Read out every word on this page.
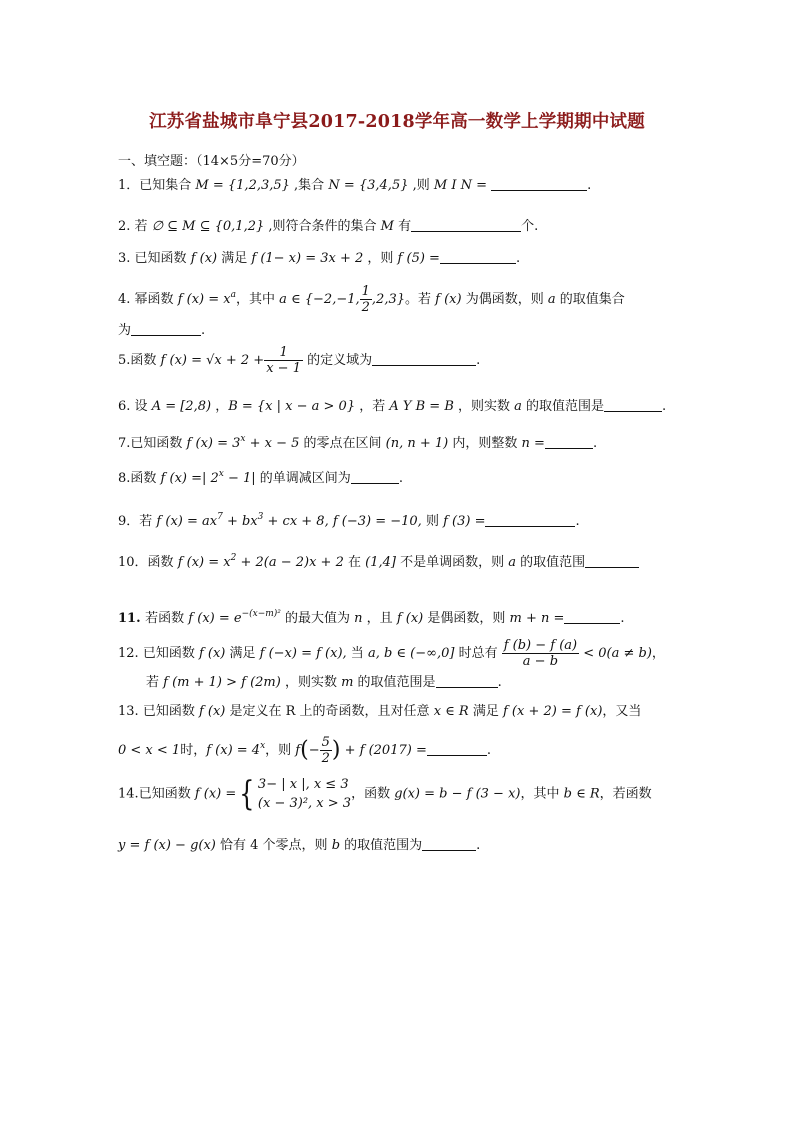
江苏省盐城市阜宁县2017-2018学年高一数学上学期期中试题
一、填空题：（14×5分=70分）
1．已知集合 M = {1,2,3,5} ,集合 N = {3,4,5} ,则 M I N =	.
2. 若 ∅ ⊆ M ⊆ {0,1,2} ,则符合条件的集合 M 有	个.
3. 已知函数 f (x) 满足 f (1− x) = 3x + 2 ，则 f (5) =	.
4. 幂函数 f $(x) = x^a$，其中 a ∈ {−2,−1, $\frac{1}{2} ,2,3$}。若 f (x) 为偶函数，则 a 的取值集合
为	.
5.函数 f $(x) = √x + 2 + \frac{1}{x - 1}$ 的定义域为	.
6. 设 A = [2,8) ，B = {x | x − a > 0} ，若 A Y B = B ，则实数 a 的取值范围是	.
7.已知函数 f $(x) = 3^x + x - 5$ 的零点在区间 (n, n + 1) 内，则整数 n =	.
8.函数 f (x) =| $2^x - 1|$ 的单调减区间为	.
9．若 f $(x) = ax^7 + bx^3$ + cx + 8, f (−3) = −10, 则 f (3) =	.
10．函数 f $(x) = x^2 + 2(a - 2)x + 2$ 在 (1,4] 不是单调函数，则 a 的取值范围
11. 若函数 f $(x) = e^{-(x-m)^2}$ 的最大值为 n ，且 f (x) 是偶函数，则 m + n =	.
12. 已知函数 f (x) 满足 f (−x) = f (x), 当 a, b ∈ (−∞,0] 时总有 $\frac{f (b) - f (a)}{a - b} < 0(a \ne b)$，
若 f (m + 1) > f (2m) ，则实数 m 的取值范围是	.
13. 已知函数 f (x) 是定义在 R 上的奇函数，且对任意 x ∈ R 满足 f (x + 2) = f (x)，又当
0 < x < 1时，f $(x) = 4^x$，则 $f(- \frac{5}{2}$ ) + f (2017) =	.
14.已知函数 f (x) ={ 3− | x |, x ≤ 3
(x − 3)², x > 3
，函数 g(x) = b − f (3 − x)，其中 b ∈ R，若函数
y = f (x) − g(x) 恰有 4 个零点，则 b 的取值范围为	.
